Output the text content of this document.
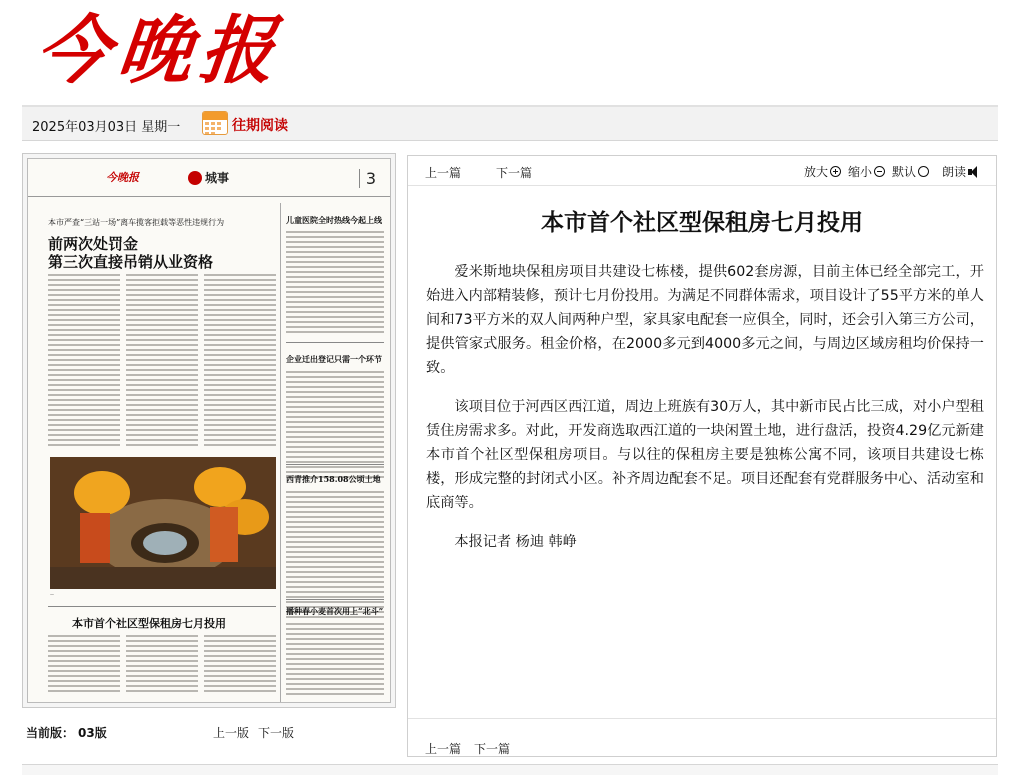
今晚报
2025年03月03日 星期一	往期阅读
今晚报	城事	3
本市严查“三站一场”离车揽客拒载等恶性违规行为
前两次处罚金
第三次直接吊销从业资格
—
儿童医院全时热线今起上线
企业迁出登记只需一个环节
西青推介158.08公顷土地
播种春小麦首次用上“北斗”
本市首个社区型保租房七月投用
当前版： 03版	上一版 下一版
上一篇	下一篇	放大 缩小 默认 朗读
本市首个社区型保租房七月投用

爱米斯地块保租房项目共建设七栋楼，提供602套房源，目前主体已经全部完工，开始进入内部精装修，预计七月份投用。为满足不同群体需求，项目设计了55平方米的单人间和73平方米的双人间两种户型，家具家电配套一应俱全，同时，还会引入第三方公司，提供管家式服务。租金价格，在2000多元到4000多元之间，与周边区域房租均价保持一致。

该项目位于河西区西江道，周边上班族有30万人，其中新市民占比三成，对小户型租赁住房需求多。对此，开发商选取西江道的一块闲置土地，进行盘活，投资4.29亿元新建本市首个社区型保租房项目。与以往的保租房主要是独栋公寓不同，该项目共建设七栋楼，形成完整的封闭式小区。补齐周边配套不足。项目还配套有党群服务中心、活动室和底商等。

本报记者 杨迪 韩峥

上一篇 下一篇
